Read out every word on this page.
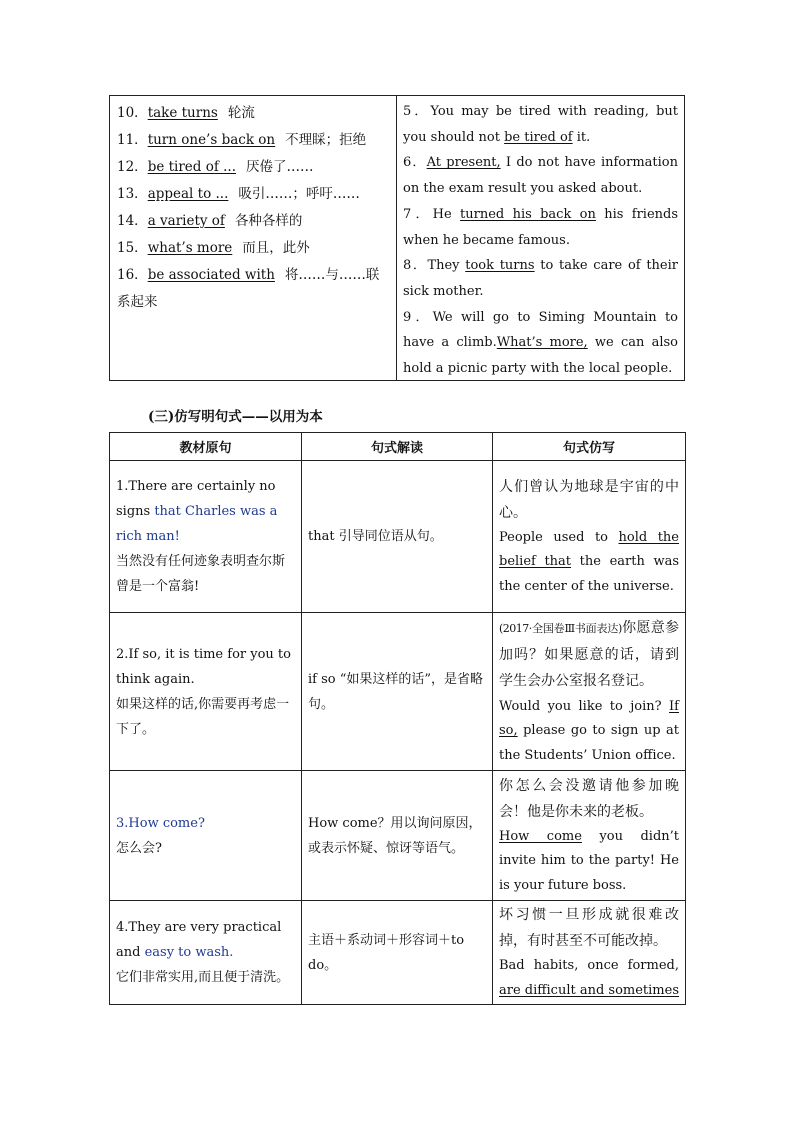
10．take turns 轮流
11．turn one’s back on 不理睬；拒绝
12．be tired of ... 厌倦了……
13．appeal to ... 吸引……；呼吁……
14．a variety of 各种各样的
15．what’s more 而且，此外
16．be associated with 将……与……联系起来
5．You may be tired with reading, but you should not be tired of it.
6．At present, I do not have information on the exam result you asked about.
7．He turned his back on his friends when he became famous.
8．They took turns to take care of their sick mother.
9．We will go to Siming Mountain to have a climb.What’s more, we can also hold a picnic party with the local people.
(三)仿写明句式——以用为本
教材原句	句式解读	句式仿写
1.There are certainly no signs that Charles was a rich man!
当然没有任何迹象表明查尔斯曾是一个富翁!	that 引导同位语从句。	人们曾认为地球是宇宙的中心。
People used to hold the belief that the earth was the center of the universe.
2.If so, it is time for you to think again.
如果这样的话,你需要再考虑一下了。	if so “如果这样的话”，是省略句。	(2017·全国卷Ⅲ书面表达)你愿意参加吗？如果愿意的话，请到学生会办公室报名登记。
Would you like to join? If so, please go to sign up at the Students’ Union office.
3.How come?
怎么会?	How come？用以询问原因，或表示怀疑、惊讶等语气。	你怎么会没邀请他参加晚会！他是你未来的老板。
How come you didn’t invite him to the party! He is your future boss.
4.They are very practical and easy to wash.
它们非常实用,而且便于清洗。	主语＋系动词＋形容词＋to do。	坏习惯一旦形成就很难改掉，有时甚至不可能改掉。
Bad habits, once formed, are difficult and sometimes
